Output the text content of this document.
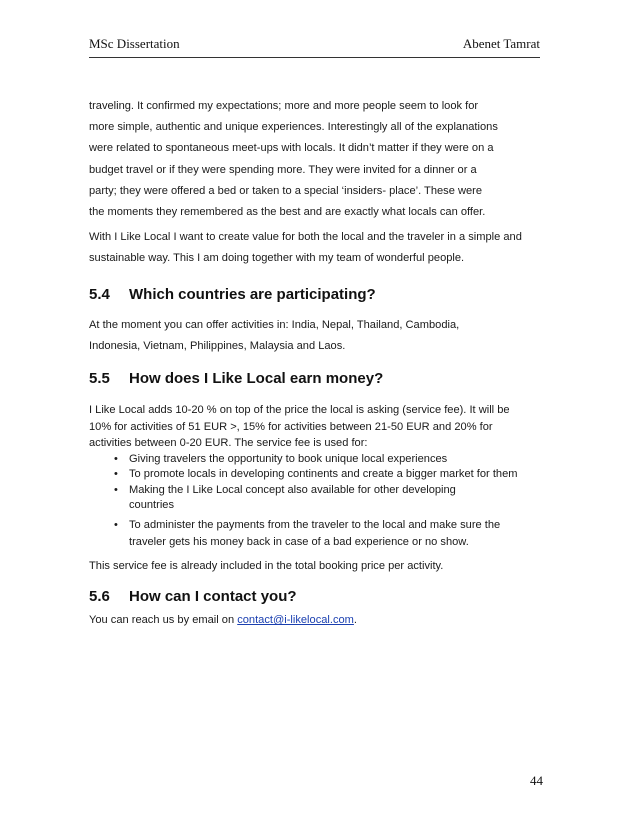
MSc Dissertation	Abenet Tamrat

traveling. It confirmed my expectations; more and more people seem to look for

more simple, authentic and unique experiences. Interestingly all of the explanations

were related to spontaneous meet-ups with locals. It didn’t matter if they were on a

budget travel or if they were spending more. They were invited for a dinner or a

party; they were offered a bed or taken to a special ‘insiders- place’. These were

the moments they remembered as the best and are exactly what locals can offer.

With I Like Local I want to create value for both the local and the traveler in a simple and

sustainable way. This I am doing together with my team of wonderful people.

5.4	Which countries are participating?

At the moment you can offer activities in: India, Nepal, Thailand, Cambodia,

Indonesia, Vietnam, Philippines, Malaysia and Laos.

5.5	How does I Like Local earn money?

I Like Local adds 10-20 % on top of the price the local is asking (service fee). It will be

10% for activities of 51 EUR >, 15% for activities between 21-50 EUR and 20% for

activities between 0-20 EUR. The service fee is used for:

• Giving travelers the opportunity to book unique local experiences
• To promote locals in developing continents and create a bigger market for them
• Making the I Like Local concept also available for other developing
countries
• To administer the payments from the traveler to the local and make sure the
traveler gets his money back in case of a bad experience or no show.

This service fee is already included in the total booking price per activity.

5.6	How can I contact you?

You can reach us by email on contact@i-likelocal.com.

44
